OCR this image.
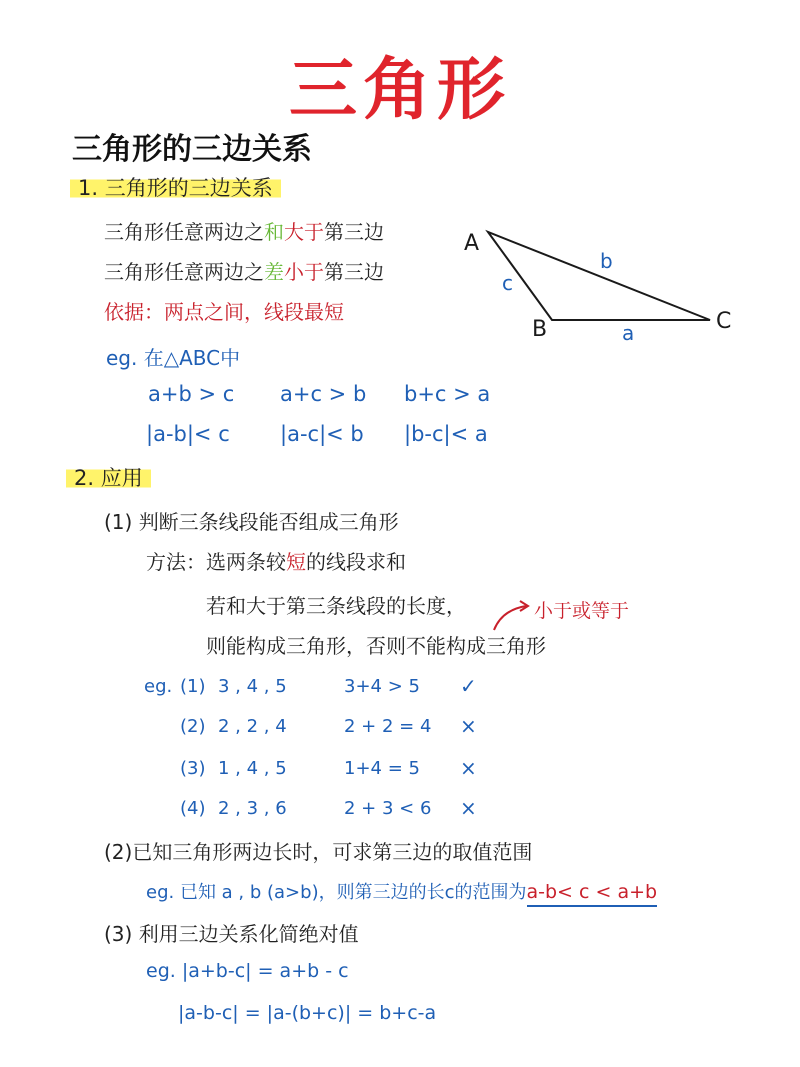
三角形
三角形的三边关系
1. 三角形的三边关系
三角形任意两边之和大于第三边
三角形任意两边之差小于第三边
依据：两点之间，线段最短
eg. 在△ABC中
a+b > c a+c > b b+c > a
|a-b|< c |a-c|< b |b-c|< a
A
B	C
c
b
a
2. 应用
(1) 判断三条线段能否组成三角形
方法：选两条较短的线段求和
若和大于第三条线段的长度，
则能构成三角形，否则不能构成三角形
小于或等于
eg. (1) 3 , 4 , 5	3+4 > 5 ✓
(2) 2 , 2 , 4	2 + 2 = 4 ×
(3) 1 , 4 , 5	1+4 = 5 ×
(4) 2 , 3 , 6	2 + 3 < 6 ×
(2)已知三角形两边长时，可求第三边的取值范围
eg. 已知 a , b (a>b)，则第三边的长c的范围为a-b< c < a+b
(3) 利用三边关系化简绝对值
eg. |a+b-c| = a+b - c
|a-b-c| = |a-(b+c)| = b+c-a
